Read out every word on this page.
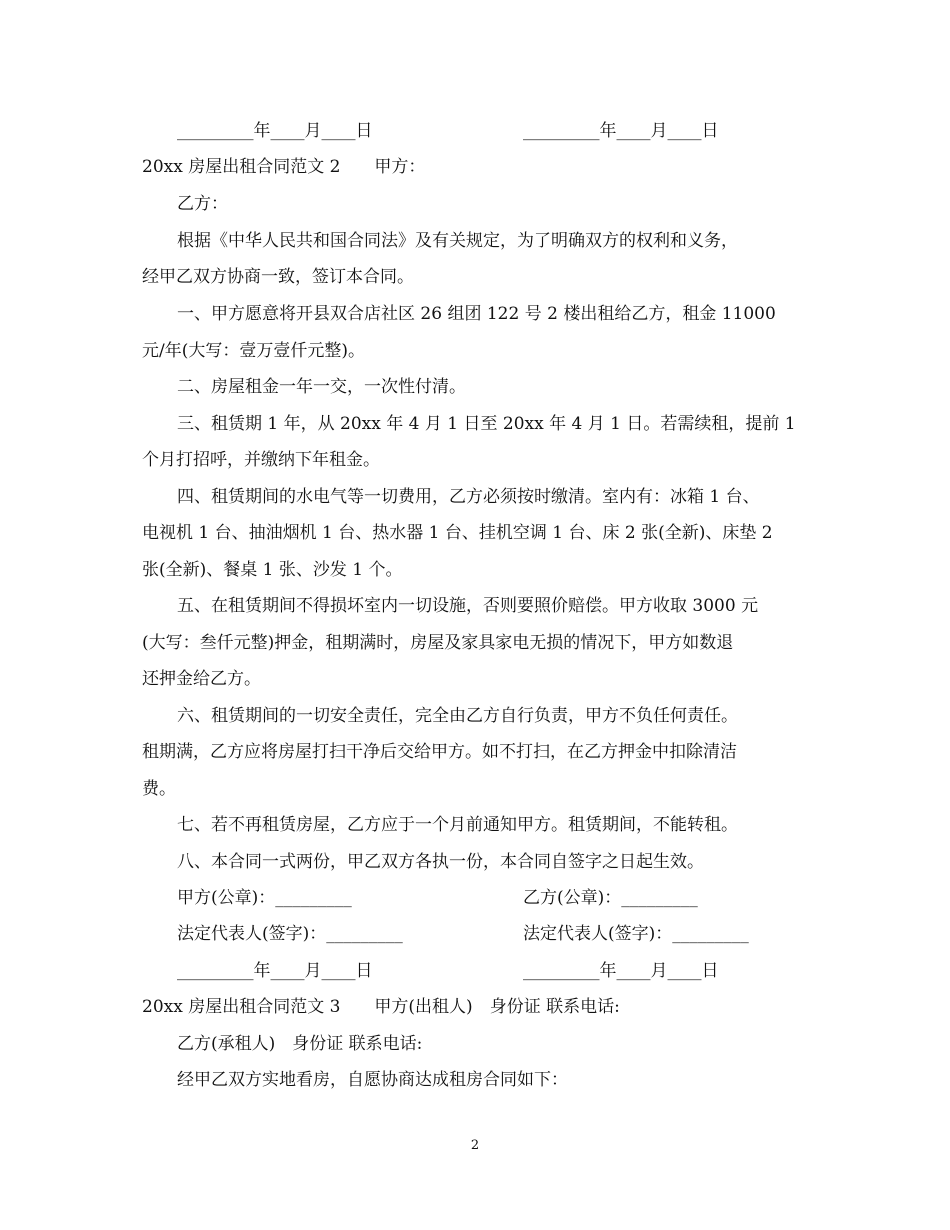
_________年____月____日	_________年____月____日
20xx 房屋出租合同范文 2　　甲方：
乙方：
根据《中华人民共和国合同法》及有关规定，为了明确双方的权利和义务，
经甲乙双方协商一致，签订本合同。
一、甲方愿意将开县双合店社区 26 组团 122 号 2 楼出租给乙方，租金 11000
元/年(大写：壹万壹仟元整)。
二、房屋租金一年一交，一次性付清。
三、租赁期 1 年，从 20xx 年 4 月 1 日至 20xx 年 4 月 1 日。若需续租，提前 1
个月打招呼，并缴纳下年租金。
四、租赁期间的水电气等一切费用，乙方必须按时缴清。室内有：冰箱 1 台、
电视机 1 台、抽油烟机 1 台、热水器 1 台、挂机空调 1 台、床 2 张(全新)、床垫 2
张(全新)、餐桌 1 张、沙发 1 个。
五、在租赁期间不得损坏室内一切设施，否则要照价赔偿。甲方收取 3000 元
(大写：叁仟元整)押金，租期满时，房屋及家具家电无损的情况下，甲方如数退
还押金给乙方。
六、租赁期间的一切安全责任，完全由乙方自行负责，甲方不负任何责任。
租期满，乙方应将房屋打扫干净后交给甲方。如不打扫，在乙方押金中扣除清洁
费。
七、若不再租赁房屋，乙方应于一个月前通知甲方。租赁期间，不能转租。
八、本合同一式两份，甲乙双方各执一份，本合同自签字之日起生效。
甲方(公章)：_________	乙方(公章)：_________
法定代表人(签字)：_________	法定代表人(签字)：_________
_________年____月____日	_________年____月____日
20xx 房屋出租合同范文 3　　甲方(出租人)　身份证 联系电话:
乙方(承租人)　身份证 联系电话:
经甲乙双方实地看房，自愿协商达成租房合同如下：
2
